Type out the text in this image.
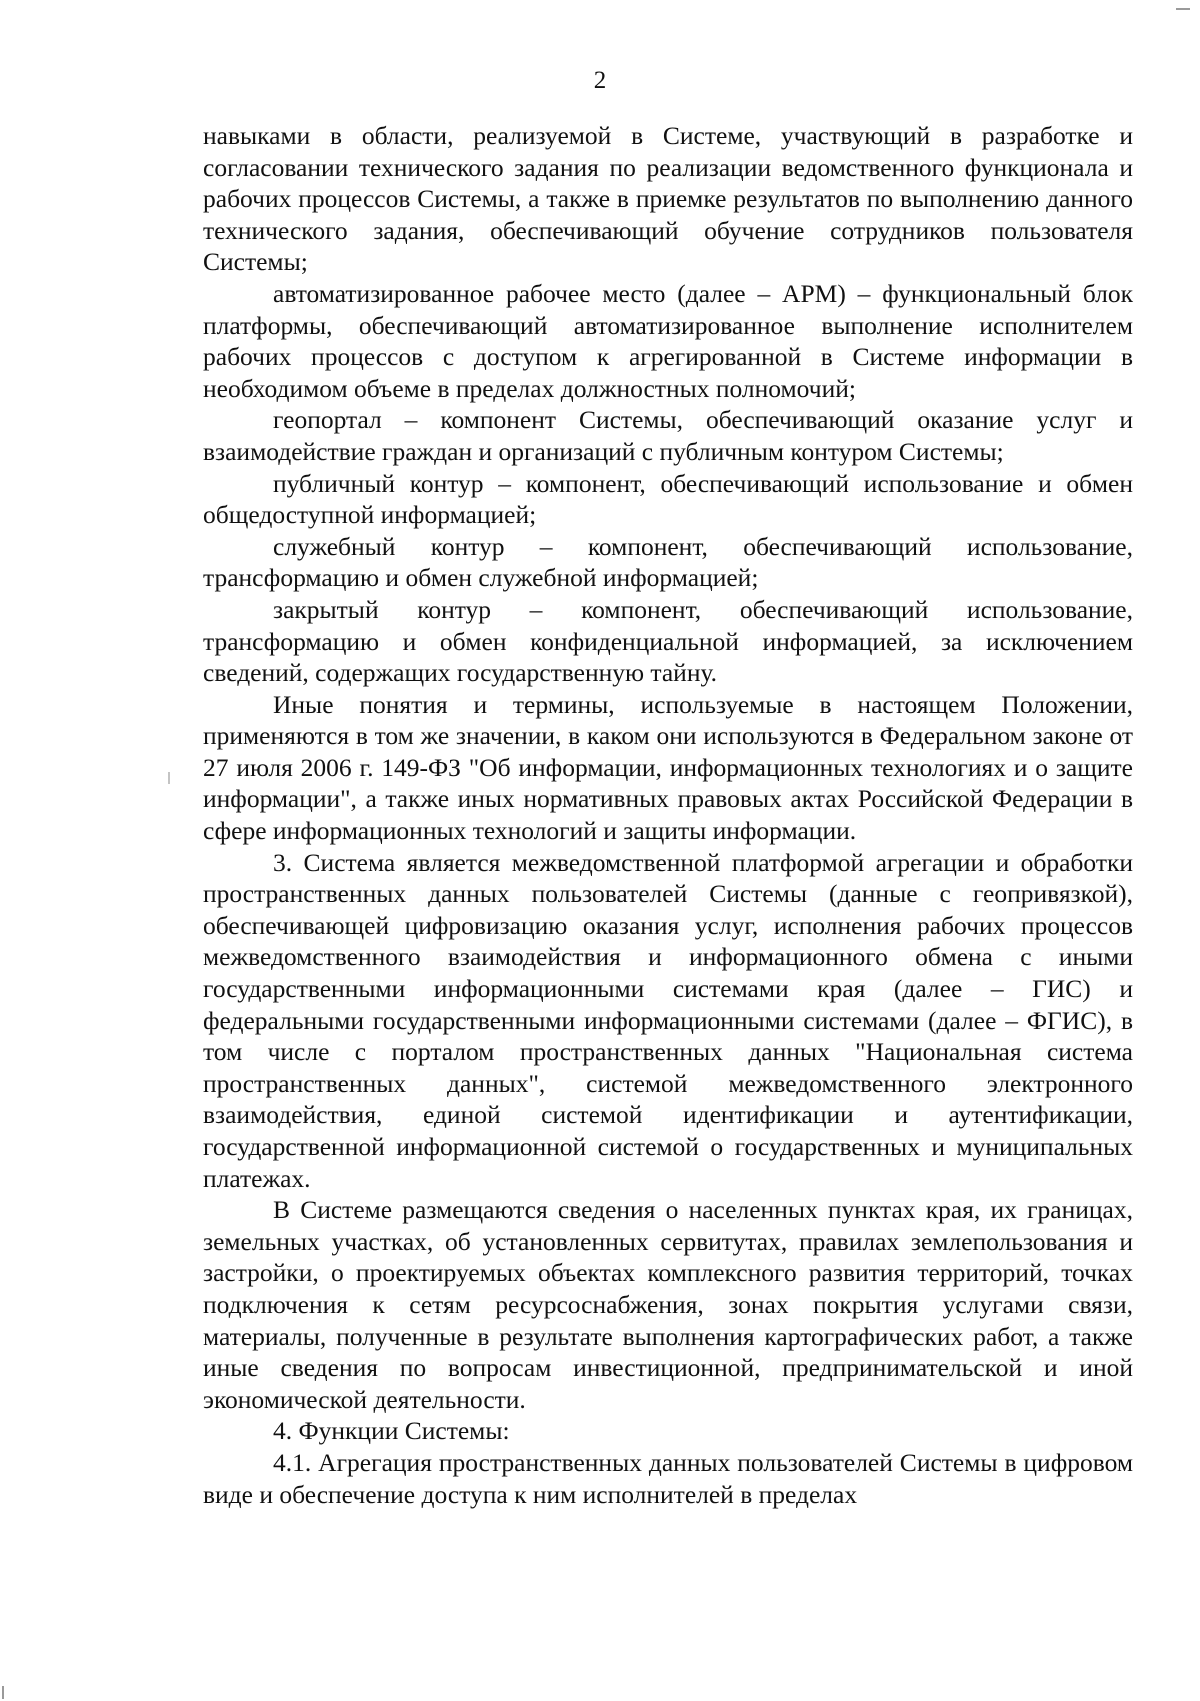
2

навыками в области, реализуемой в Системе, участвующий в разработке и согласовании технического задания по реализации ведомственного функционала и рабочих процессов Системы, а также в приемке результатов по выполнению данного технического задания, обеспечивающий обучение сотрудников пользователя Системы;

автоматизированное рабочее место (далее – АРМ) – функциональный блок платформы, обеспечивающий автоматизированное выполнение исполнителем рабочих процессов с доступом к агрегированной в Системе информации в необходимом объеме в пределах должностных полномочий;

геопортал – компонент Системы, обеспечивающий оказание услуг и взаимодействие граждан и организаций с публичным контуром Системы;

публичный контур – компонент, обеспечивающий использование и обмен общедоступной информацией;

служебный контур – компонент, обеспечивающий использование, трансформацию и обмен служебной информацией;

закрытый контур – компонент, обеспечивающий использование, трансформацию и обмен конфиденциальной информацией, за исключением сведений, содержащих государственную тайну.

Иные понятия и термины, используемые в настоящем Положении, применяются в том же значении, в каком они используются в Федеральном законе от 27 июля 2006 г. 149-ФЗ "Об информации, информационных технологиях и о защите информации", а также иных нормативных правовых актах Российской Федерации в сфере информационных технологий и защиты информации.

3. Система является межведомственной платформой агрегации и обработки пространственных данных пользователей Системы (данные с геопривязкой), обеспечивающей цифровизацию оказания услуг, исполнения рабочих процессов межведомственного взаимодействия и информационного обмена с иными государственными информационными системами края (далее – ГИС) и федеральными государственными информационными системами (далее – ФГИС), в том числе с порталом пространственных данных "Национальная система пространственных данных", системой межведомственного электронного взаимодействия, единой системой идентификации и аутентификации, государственной информационной системой о государственных и муниципальных платежах.

В Системе размещаются сведения о населенных пунктах края, их границах, земельных участках, об установленных сервитутах, правилах землепользования и застройки, о проектируемых объектах комплексного развития территорий, точках подключения к сетям ресурсоснабжения, зонах покрытия услугами связи, материалы, полученные в результате выполнения картографических работ, а также иные сведения по вопросам инвестиционной, предпринимательской и иной экономической деятельности.

4. Функции Системы:

4.1. Агрегация пространственных данных пользователей Системы в цифровом виде и обеспечение доступа к ним исполнителей в пределах
